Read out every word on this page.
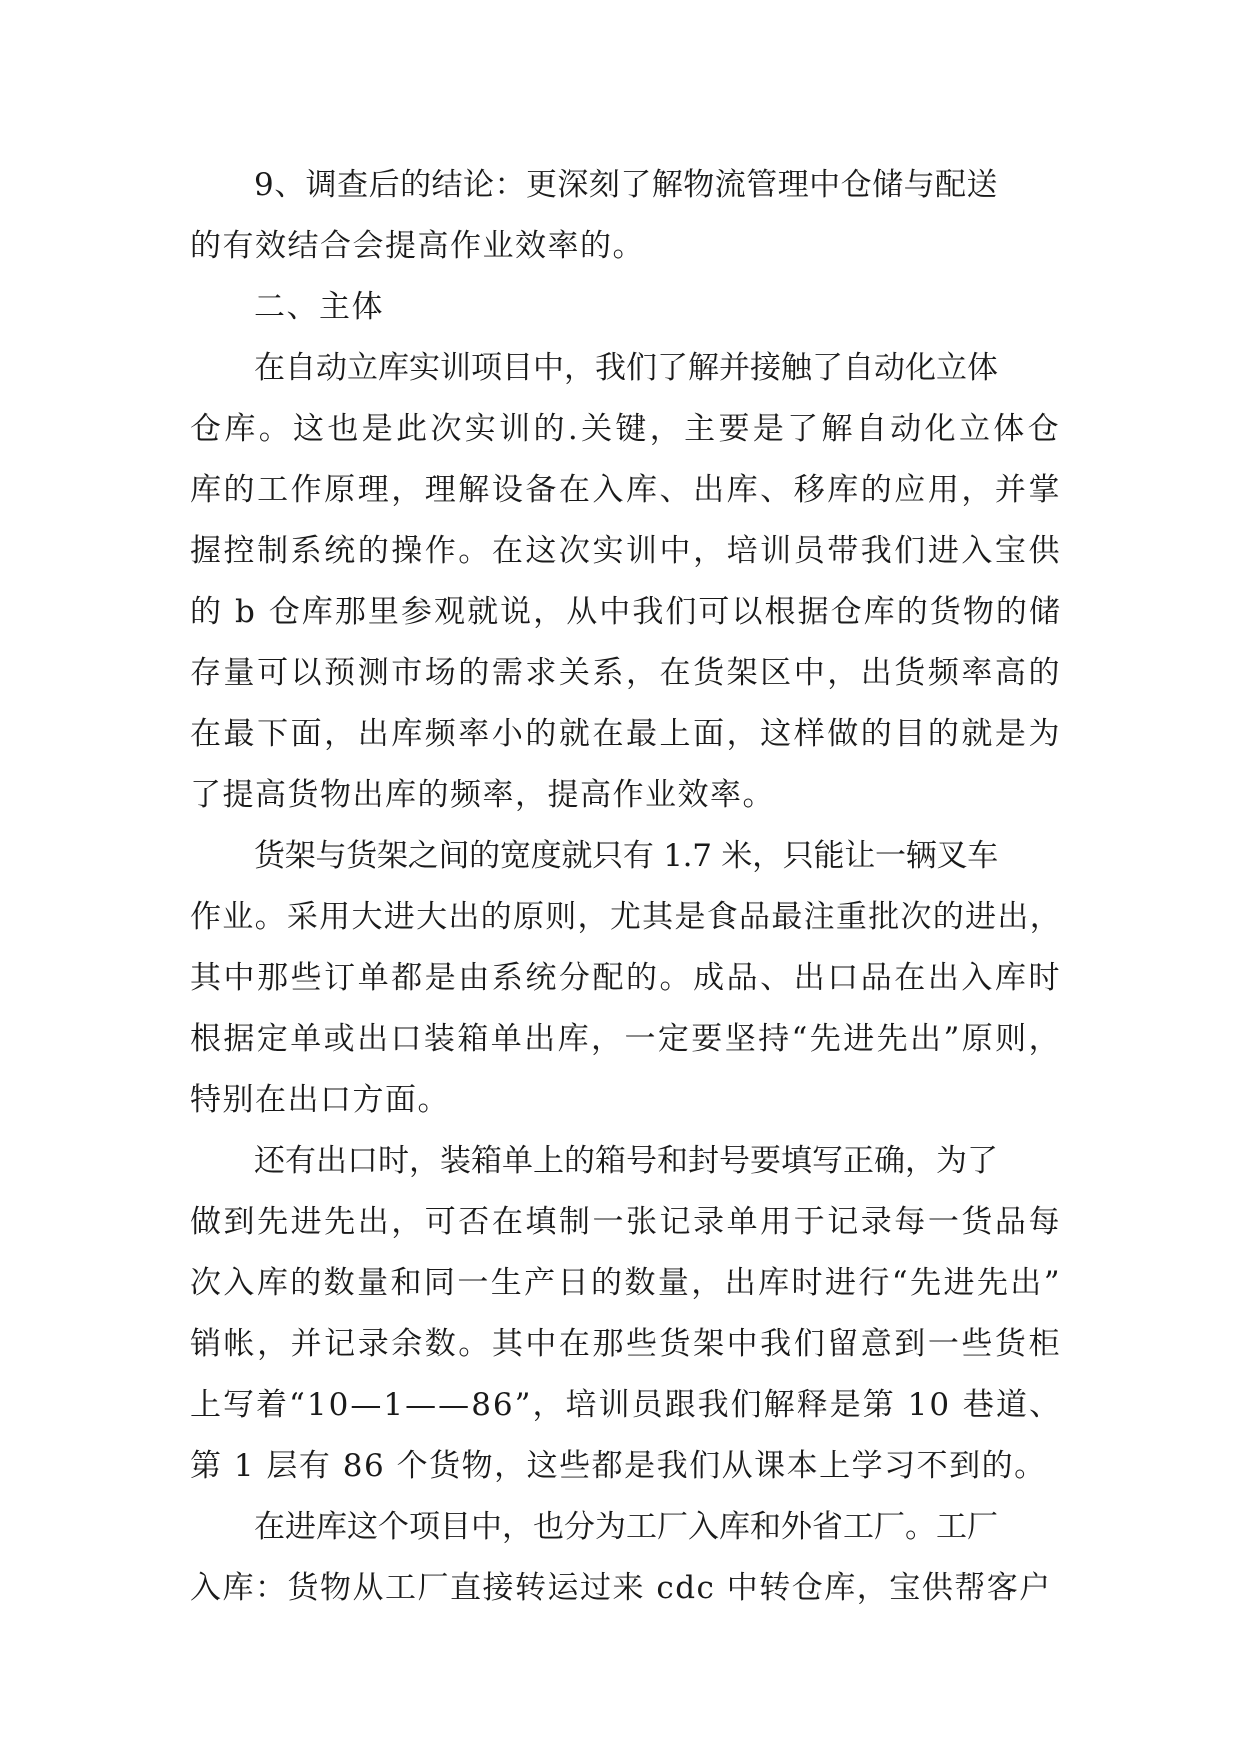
9、调查后的结论：更深刻了解物流管理中仓储与配送
的有效结合会提高作业效率的。
二、主体
在自动立库实训项目中，我们了解并接触了自动化立体
仓库。这也是此次实训的.关键，主要是了解自动化立体仓
库的工作原理，理解设备在入库、出库、移库的应用，并掌
握控制系统的操作。在这次实训中，培训员带我们进入宝供
的 b 仓库那里参观就说，从中我们可以根据仓库的货物的储
存量可以预测市场的需求关系，在货架区中，出货频率高的
在最下面，出库频率小的就在最上面，这样做的目的就是为
了提高货物出库的频率，提高作业效率。
货架与货架之间的宽度就只有 1.7 米，只能让一辆叉车
作业。采用大进大出的原则，尤其是食品最注重批次的进出，
其中那些订单都是由系统分配的。成品、出口品在出入库时
根据定单或出口装箱单出库，一定要坚持“先进先出”原则，
特别在出口方面。
还有出口时，装箱单上的箱号和封号要填写正确，为了
做到先进先出，可否在填制一张记录单用于记录每一货品每
次入库的数量和同一生产日的数量，出库时进行“先进先出”
销帐，并记录余数。其中在那些货架中我们留意到一些货柜
上写着“10—1——86”，培训员跟我们解释是第 10 巷道、
第 1 层有 86 个货物，这些都是我们从课本上学习不到的。
在进库这个项目中，也分为工厂入库和外省工厂。工厂
入库：货物从工厂直接转运过来 cdc 中转仓库，宝供帮客户
